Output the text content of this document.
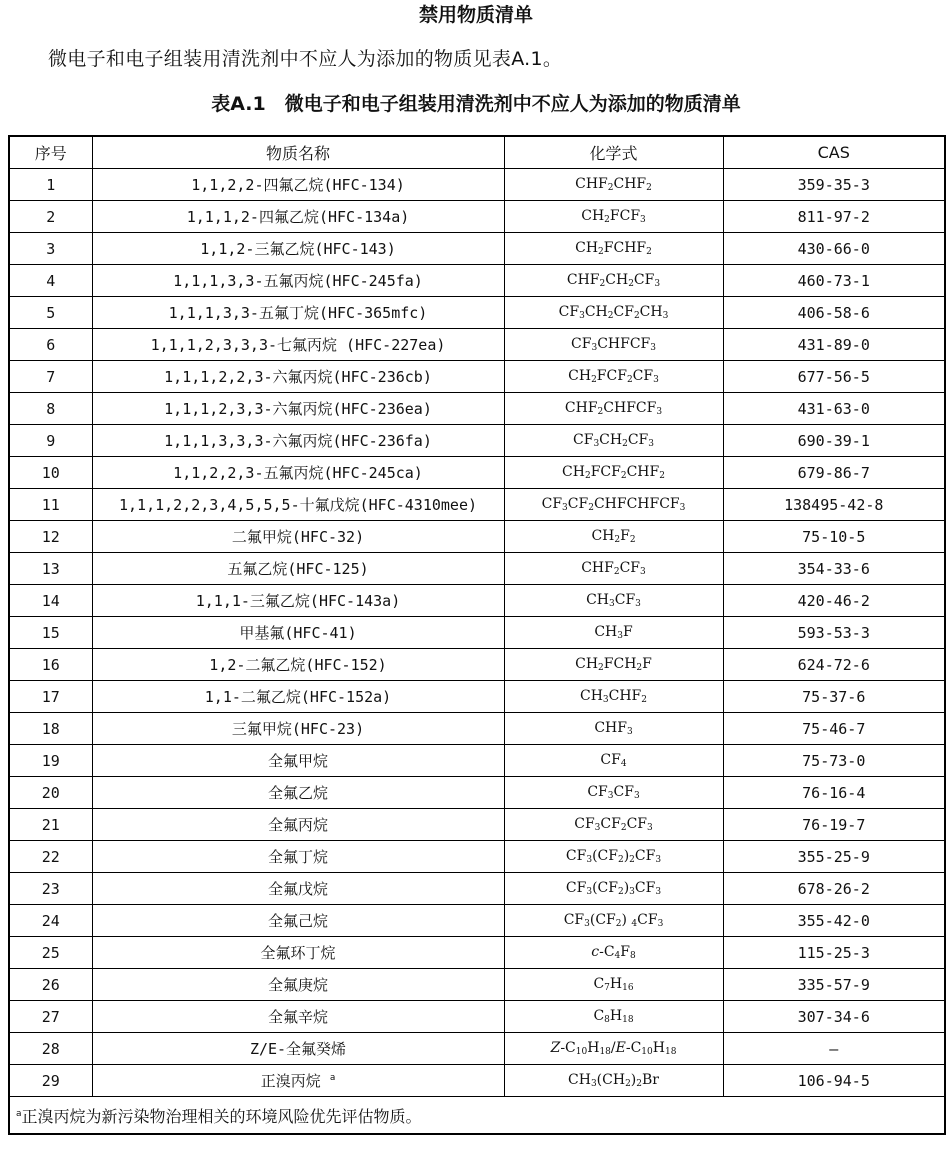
禁用物质清单
微电子和电子组装用清洗剂中不应人为添加的物质见表A.1。
表A.1　微电子和电子组装用清洗剂中不应人为添加的物质清单
序号	物质名称	化学式	CAS
1	1,1,2,2-四氟乙烷(HFC-134)	$CHF_2CHF_2$	359-35-3
2	1,1,1,2-四氟乙烷(HFC-134a)	$CH_2FCF_3$	811-97-2
3	1,1,2-三氟乙烷(HFC-143)	$CH_2FCHF_2$	430-66-0
4	1,1,1,3,3-五氟丙烷(HFC-245fa)	$CHF_2CH_2CF_3$	460-73-1
5	1,1,1,3,3-五氟丁烷(HFC-365mfc)	$CF_3CH_2CF_2CH_3$	406-58-6
6	1,1,1,2,3,3,3-七氟丙烷 (HFC-227ea)	$CF_3CHFCF_3$	431-89-0
7	1,1,1,2,2,3-六氟丙烷(HFC-236cb)	$CH_2FCF_2CF_3$	677-56-5
8	1,1,1,2,3,3-六氟丙烷(HFC-236ea)	$CHF_2CHFCF_3$	431-63-0
9	1,1,1,3,3,3-六氟丙烷(HFC-236fa)	$CF_3CH_2CF_3$	690-39-1
10	1,1,2,2,3-五氟丙烷(HFC-245ca)	$CH_2FCF_2CHF_2$	679-86-7
11	1,1,1,2,2,3,4,5,5,5-十氟戊烷(HFC-4310mee)	$CF_3CF_2CHFCHFCF_3$	138495-42-8
12	二氟甲烷(HFC-32)	$CH_2F_2$	75-10-5
13	五氟乙烷(HFC-125)	$CHF_2CF_3$	354-33-6
14	1,1,1-三氟乙烷(HFC-143a)	$CH_3CF_3$	420-46-2
15	甲基氟(HFC-41)	$CH_3F$	593-53-3
16	1,2-二氟乙烷(HFC-152)	$CH_2FCH_2F$	624-72-6
17	1,1-二氟乙烷(HFC-152a)	$CH_3CHF_2$	75-37-6
18	三氟甲烷(HFC-23)	$CHF_3$	75-46-7
19	全氟甲烷	$CF_4$	75-73-0
20	全氟乙烷	$CF_3CF_3$	76-16-4
21	全氟丙烷	$CF_3CF_2CF_3$	76-19-7
22	全氟丁烷	$CF_3(CF_2)_2CF_3$	355-25-9
23	全氟戊烷	$CF_3(CF_2)_3CF_3$	678-26-2
24	全氟己烷	$CF_3(CF_2)$ $_4CF_3$	355-42-0
25	全氟环丁烷	$c-C_4F_8$	115-25-3
26	全氟庚烷	$C_7H_{16}$	335-57-9
27	全氟辛烷	$C_8H_{18}$	307-34-6
28	Z/E-全氟癸烯	$Z-C_{10}H_{18}/E-C_{10}H_{18}$	—
29	正溴丙烷 $^a$	$CH_3(CH_2)_2Br$	106-94-5
$^a$正溴丙烷为新污染物治理相关的环境风险优先评估物质。			
